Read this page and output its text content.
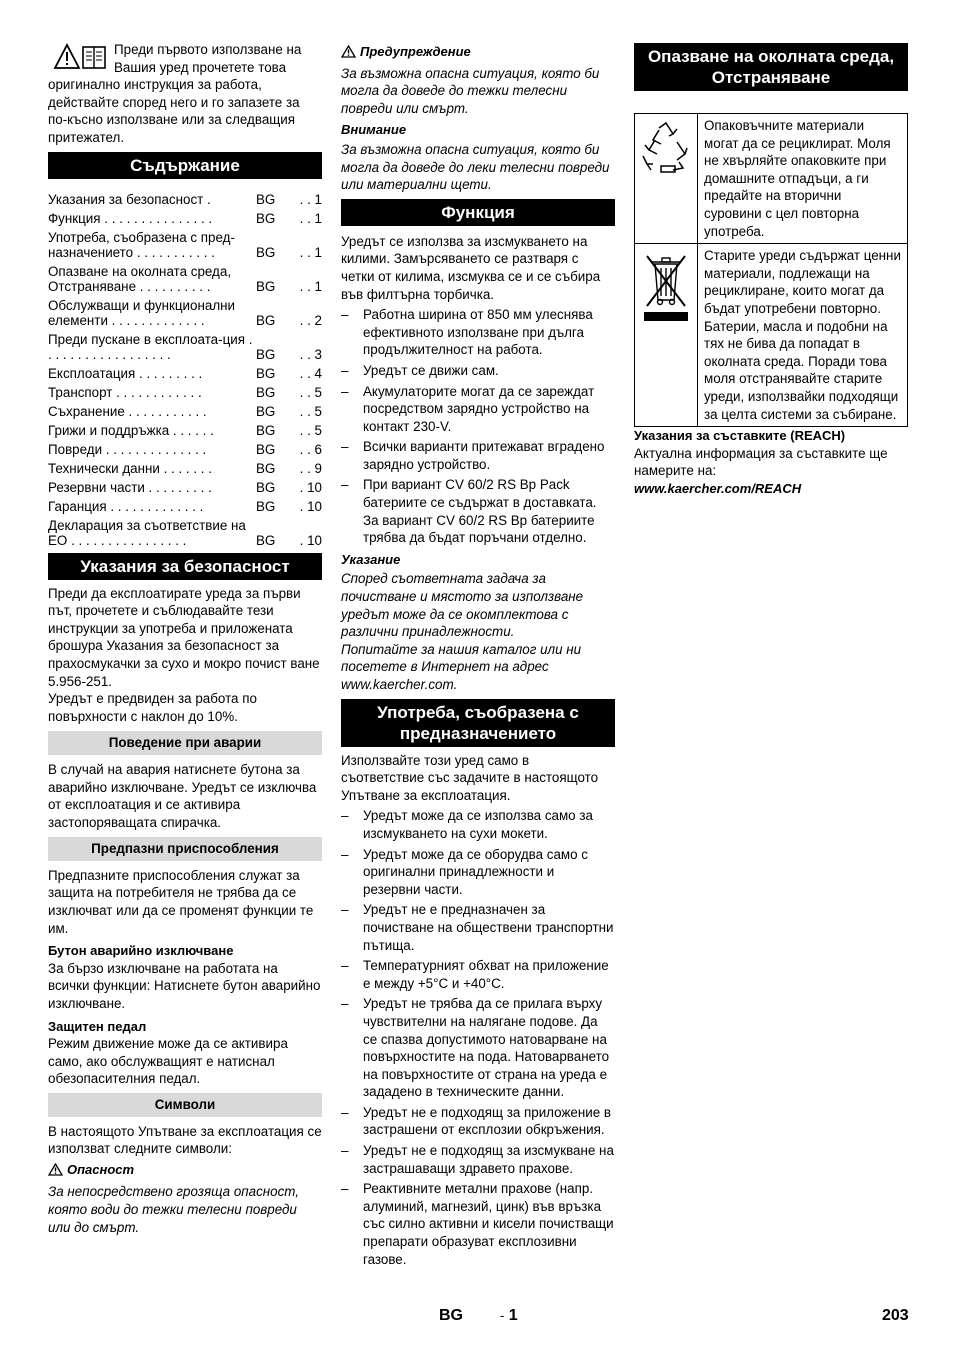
Преди първото използване на Вашия уред прочетете това оригинално инструкция за работа, действайте според него и го запазете за по-късно използване или за следващия притежател.

Съдържание
Указания за безопасност .	BG	. . 1
Функция . . . . . . . . . . . . . . .	BG	. . 1
Употреба, съобразена с пред-назначението . . . . . . . . . . .	BG	. . 1
Опазване на околната среда, Отстраняване . . . . . . . . . .	BG	. . 1
Обслужващи и функционални елементи . . . . . . . . . . . . .	BG	. . 2
Преди пускане в експлоата-ция . . . . . . . . . . . . . . . . . .	BG	. . 3
Експлоатация . . . . . . . . .	BG	. . 4
Транспорт . . . . . . . . . . . .	BG	. . 5
Съхранение . . . . . . . . . . .	BG	. . 5
Грижи и поддръжка . . . . . .	BG	. . 5
Повреди . . . . . . . . . . . . . .	BG	. . 6
Технически данни . . . . . . .	BG	. . 9
Резервни части . . . . . . . . .	BG	. 10
Гаранция . . . . . . . . . . . . .	BG	. 10
Декларация за съответствие на ЕО . . . . . . . . . . . . . . . .	BG	. 10
Указания за безопасност

Преди да експлоатирате уреда за първи път, прочетете и съблюдавайте тези инструкции за употреба и приложената брошура Указания за безопасност за прахосмукачки за сухо и мокро почист ване 5.956-251.

Уредът е предвиден за работа по повърхности с наклон до 10%.

Поведение при аварии

В случай на авария натиснете бутона за аварийно изключване. Уредът се изключва от експлоатация и се активира застопоряващата спирачка.

Предпазни приспособления

Предпазните приспособления служат за защита на потребителя не трябва да се изключват или да се променят функции те им.

Бутон аварийно изключване

За бързо изключване на работата на всички функции: Натиснете бутон аварийно изключване.

Защитен педал

Режим движение може да се активира само, ако обслужващият е натиснал обезопасителния педал.

Символи

В настоящото Упътване за експлоатация се използват следните символи:

Опасност

За непосредствено грозяща опасност, която води до тежки телесни повреди или до смърт.

Предупреждение

За възможна опасна ситуация, която би могла да доведе до тежки телесни повреди или смърт.

Внимание

За възможна опасна ситуация, която би могла да доведе до леки телесни повреди или материални щети.

Функция

Уредът се използва за изсмукването на килими. Замърсяването се разтваря с четки от килима, изсмуква се и се събира във филтърна торбичка.

– Работна ширина от 850 мм улеснява ефективното използване при дълга продължителност на работа.
– Уредът се движи сам.
– Акумулаторите могат да се зареждат посредством зарядно устройство на контакт 230-V.
– Всички варианти притежават вградено зарядно устройство.
– При вариант CV 60/2 RS Bp Pack батериите се съдържат в доставката. За вариант CV 60/2 RS Bp батериите трябва да бъдат поръчани отделно.

Указание

Според съответната задача за почистване и мястото за използване уредът може да се окомплектова с различни принадлежности.

Попитайте за нашия каталог или ни посетете в Интернет на адрес www.kaercher.com.

Употреба, съобразена с предназначението

Използвайте този уред само в съответствие със задачите в настоящото Упътване за експлоатация.

– Уредът може да се използва само за изсмукването на сухи мокети.
– Уредът може да се оборудва само с оригинални принадлежности и резервни части.
– Уредът не е предназначен за почистване на обществени транспортни пътища.
– Температурният обхват на приложение е между +5°C и +40°C.
– Уредът не трябва да се прилага върху чувствителни на налягане подове. Да се спазва допустимото натоварване на повърхностите на пода. Натоварването на повърхностите от страна на уреда е зададено в техническите данни.
– Уредът не е подходящ за приложение в застрашени от експлозии обкръжения.
– Уредът не е подходящ за изсмукване на застрашаващи здравето прахове.
– Реактивните метални прахове (напр. алуминий, магнезий, цинк) във връзка със силно активни и кисели почистващи препарати образуват експлозивни газове.
Опазване на околната среда, Отстраняване
	Опаковъчните материали могат да се рециклират. Моля не хвърляйте опаковките при домашните отпадъци, а ги предайте на вторични суровини с цел повторна употреба.
	Старите уреди съдържат ценни материали, подлежащи на рециклиране, които могат да бъдат употребени повторно. Батерии, масла и подобни на тях не бива да попадат в околната среда. Поради това моля отстранявайте старите уреди, използвайки подходящи за целта системи за събиране.

Указания за съставките (REACH)

Актуална информация за съставките ще намерите на:

www.kaercher.com/REACH

BG	- 1	203
